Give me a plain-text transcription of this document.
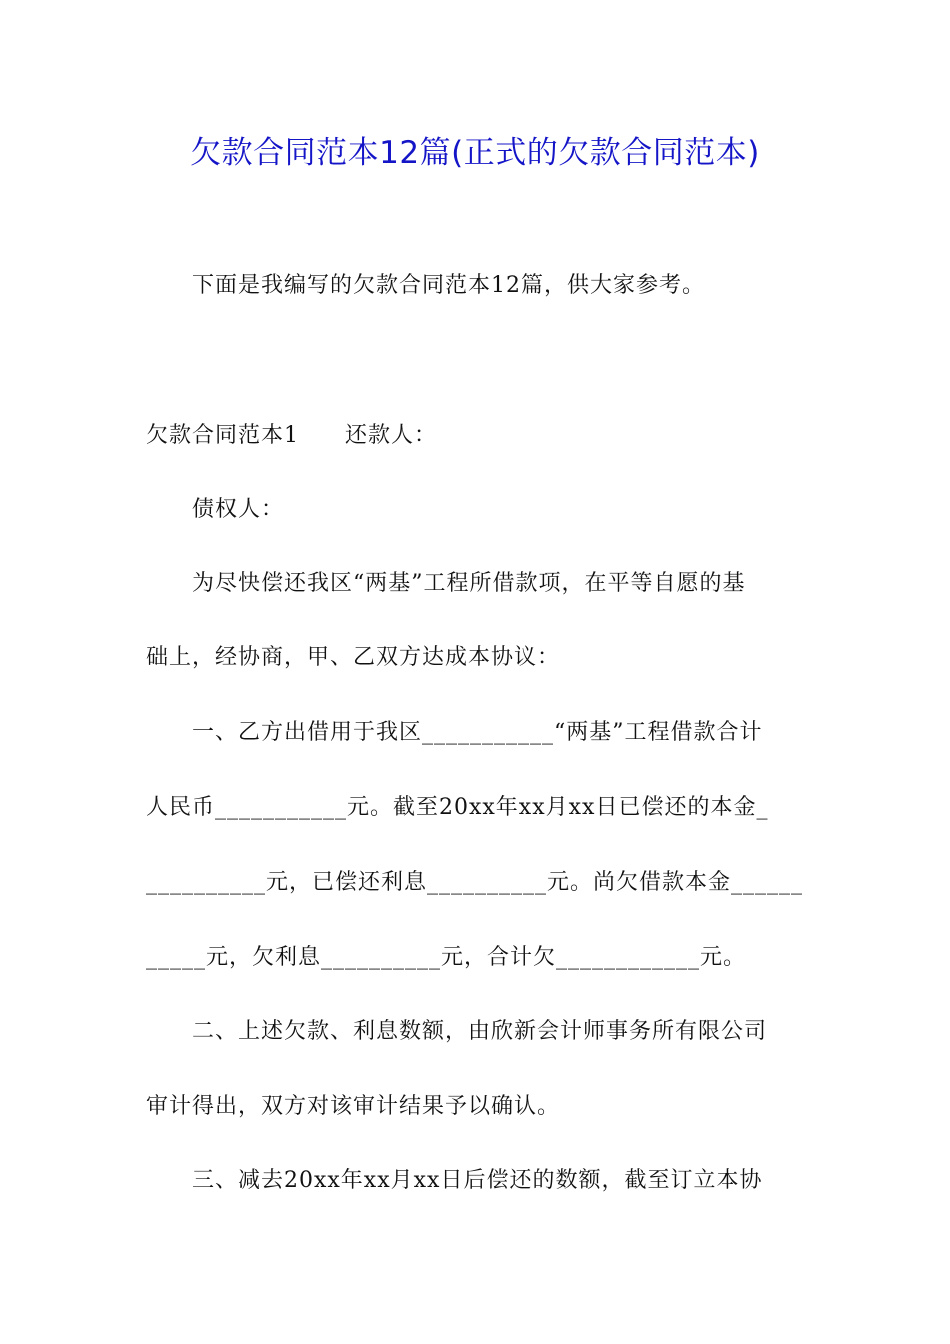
欠款合同范本12篇(正式的欠款合同范本)
下面是我编写的欠款合同范本12篇，供大家参考。
欠款合同范本1 还款人：
债权人：
为尽快偿还我区“两基”工程所借款项，在平等自愿的基
础上，经协商，甲、乙双方达成本协议：
一、乙方出借用于我区___________“两基”工程借款合计
人民币___________元。截至20xx年xx月xx日已偿还的本金_
__________元，已偿还利息__________元。尚欠借款本金______
_____元，欠利息__________元，合计欠____________元。
二、上述欠款、利息数额，由欣新会计师事务所有限公司
审计得出，双方对该审计结果予以确认。
三、减去20xx年xx月xx日后偿还的数额，截至订立本协
